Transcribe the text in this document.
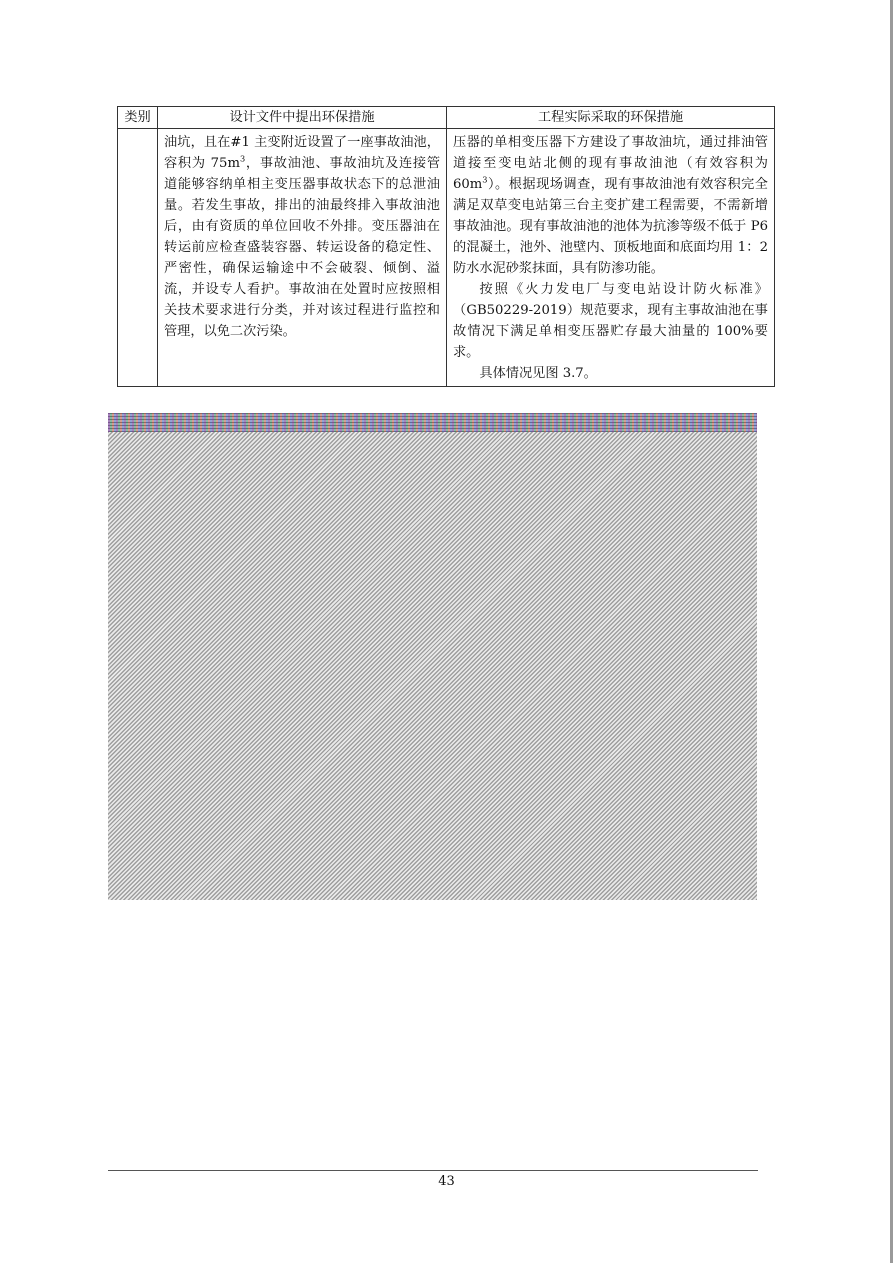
类别	设计文件中提出环保措施	工程实际采取的环保措施

	油坑，且在#1 主变附近设置了一座事故油池，容积为 $75m^3$，事故油池、事故油坑及连接管道能够容纳单相主变压器事故状态下的总泄油量。若发生事故，排出的油最终排入事故油池后，由有资质的单位回收不外排。变压器油在转运前应检查盛装容器、转运设备的稳定性、严密性，确保运输途中不会破裂、倾倒、溢流，并设专人看护。事故油在处置时应按照相关技术要求进行分类，并对该过程进行监控和管理，以免二次污染。	压器的单相变压器下方建设了事故油坑，通过排油管道接至变电站北侧的现有事故油池（有效容积为 $60m^3$）。根据现场调查，现有事故油池有效容积完全满足双草变电站第三台主变扩建工程需要，不需新增事故油池。现有事故油池的池体为抗渗等级不低于 P6 的混凝土，池外、池壁内、顶板地面和底面均用 1：2 防水水泥砂浆抹面，具有防渗功能。

按照《火力发电厂与变电站设计防火标准》（GB50229-2019）规范要求，现有主事故油池在事故情况下满足单相变压器贮存最大油量的 100%要求。

具体情况见图 3.7。

43
